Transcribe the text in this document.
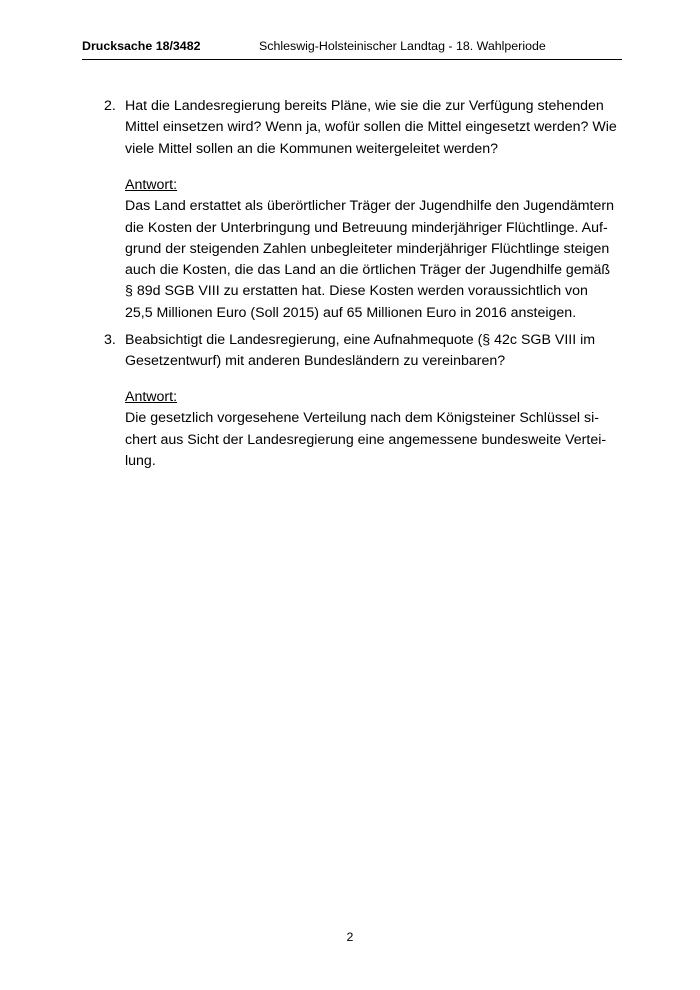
Drucksache 18/3482	Schleswig-Holsteinischer Landtag - 18. Wahlperiode
2. Hat die Landesregierung bereits Pläne, wie sie die zur Verfügung stehenden
Mittel einsetzen wird? Wenn ja, wofür sollen die Mittel eingesetzt werden? Wie
viele Mittel sollen an die Kommunen weitergeleitet werden?
Antwort:
Das Land erstattet als überörtlicher Träger der Jugendhilfe den Jugendämtern
die Kosten der Unterbringung und Betreuung minderjähriger Flüchtlinge. Auf-
grund der steigenden Zahlen unbegleiteter minderjähriger Flüchtlinge steigen
auch die Kosten, die das Land an die örtlichen Träger der Jugendhilfe gemäß
§ 89d SGB VIII zu erstatten hat. Diese Kosten werden voraussichtlich von
25,5 Millionen Euro (Soll 2015) auf 65 Millionen Euro in 2016 ansteigen.
3. Beabsichtigt die Landesregierung, eine Aufnahmequote (§ 42c SGB VIII im
Gesetzentwurf) mit anderen Bundesländern zu vereinbaren?
Antwort:
Die gesetzlich vorgesehene Verteilung nach dem Königsteiner Schlüssel si-
chert aus Sicht der Landesregierung eine angemessene bundesweite Vertei-
lung.
2
